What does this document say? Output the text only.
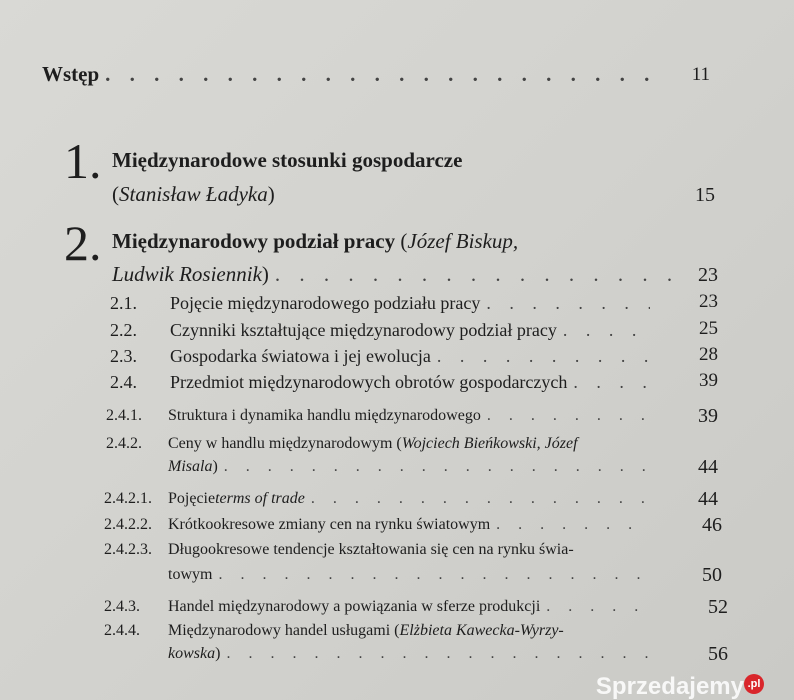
Wstęp . . .	11
1. Międzynarodowe stosunki gospodarcze
( Stanisław Ładyka )	15
2. Międzynarodowy podział pracy ( Józef Biskup,
Ludwik Rosiennik ) . . .	23
2.1. Pojęcie międzynarodowego podziału pracy . . .	23
2.2. Czynniki kształtujące międzynarodowy podział pracy . . .	25
2.3. Gospodarka światowa i jej ewolucja . . .	28
2.4. Przedmiot międzynarodowych obrotów gospodarczych . . .	39
2.4.1. Struktura i dynamika handlu międzynarodowego . . .	39
2.4.2. Ceny w handlu międzynarodowym (Wojciech Bieńkowski, Józef
Misala ) . . .	44
2.4.2.1. Pojęcie terms of trade . . .	44
2.4.2.2. Krótkookresowe zmiany cen na rynku światowym . . .	46
2.4.2.3. Długookresowe tendencje kształtowania się cen na rynku świa-
towym . . .	50
2.4.3. Handel międzynarodowy a powiązania w sferze produkcji . . .	52
2.4.4. Międzynarodowy handel usługami (Elżbieta Kawecka-Wyrzy-
kowska ) . . .	56
Sprzedajemy $^{.pl}$
